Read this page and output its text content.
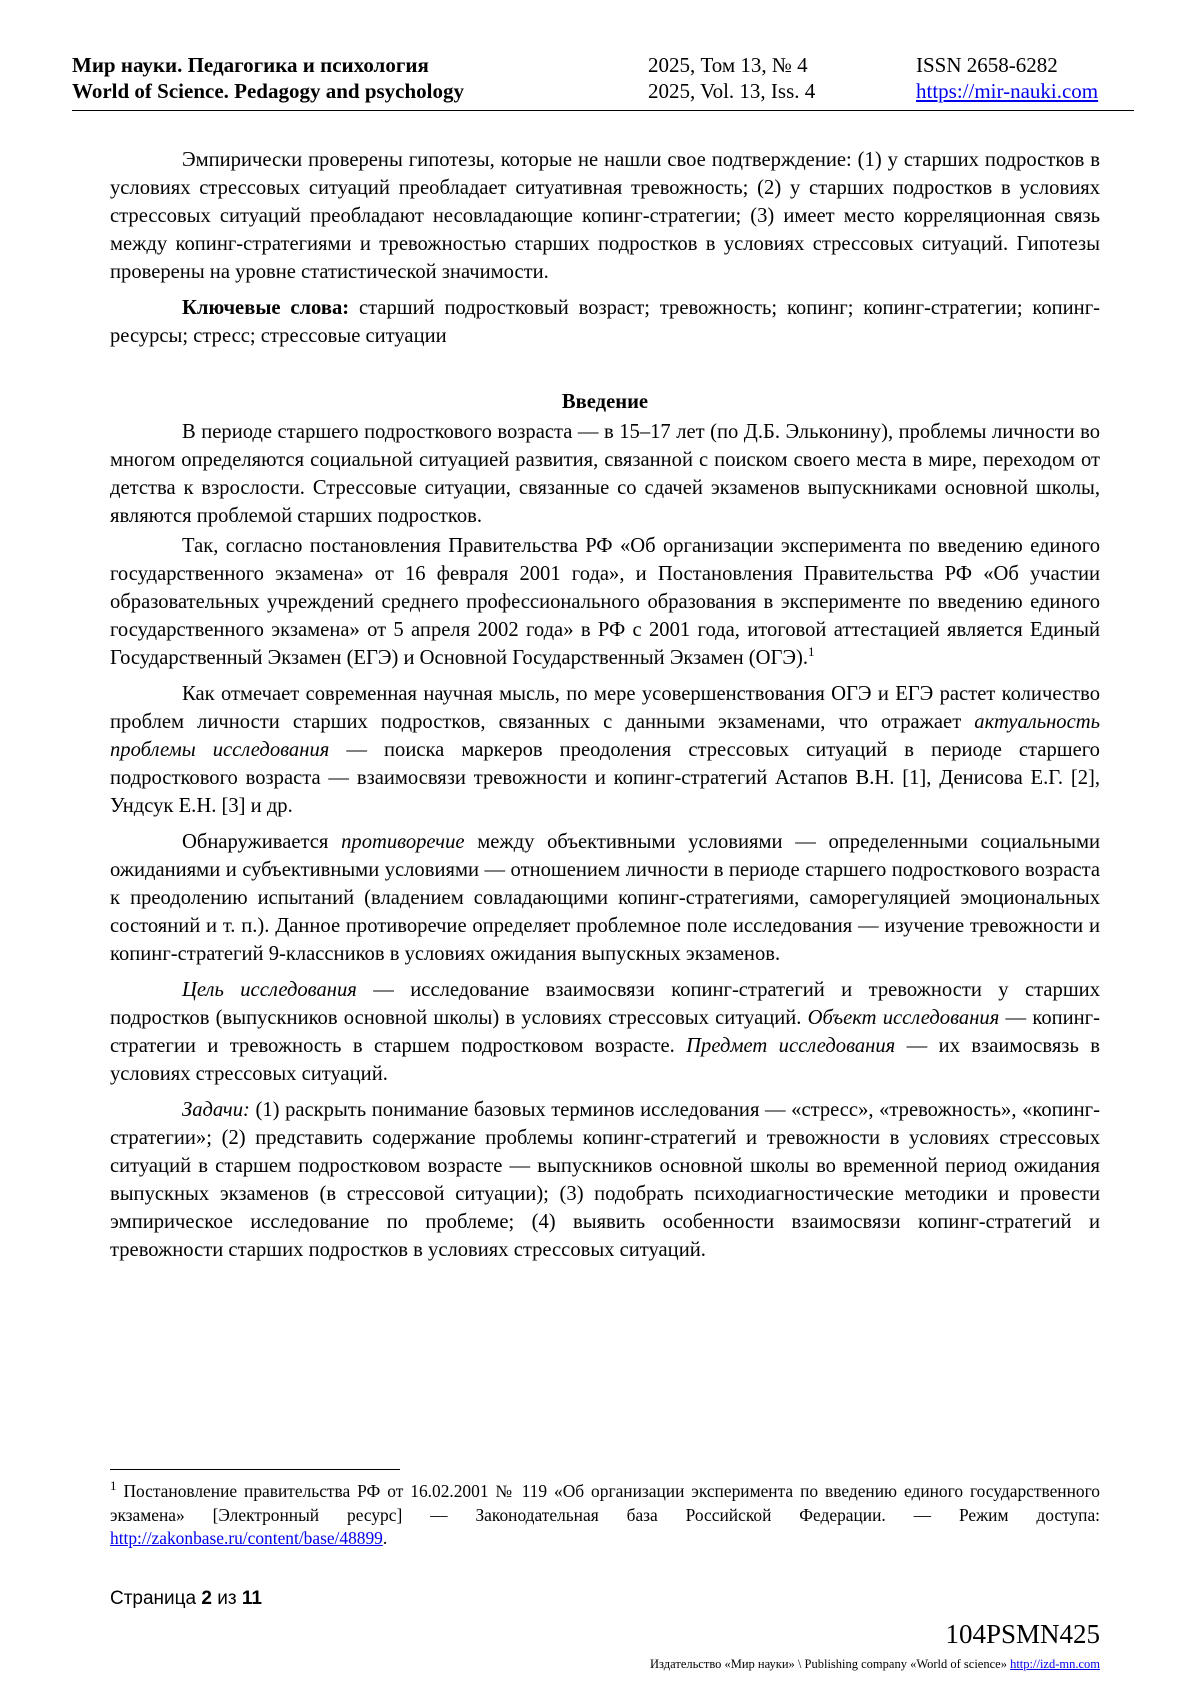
Мир науки. Педагогика и психология
World of Science. Pedagogy and psychology
2025, Том 13, № 4
2025, Vol. 13, Iss. 4
ISSN 2658-6282
https://mir-nauki.com

Эмпирически проверены гипотезы, которые не нашли свое подтверждение: (1) у старших подростков в условиях стрессовых ситуаций преобладает ситуативная тревожность; (2) у старших подростков в условиях стрессовых ситуаций преобладают несовладающие копинг-стратегии; (3) имеет место корреляционная связь между копинг-стратегиями и тревожностью старших подростков в условиях стрессовых ситуаций. Гипотезы проверены на уровне статистической значимости.

Ключевые слова: старший подростковый возраст; тревожность; копинг; копинг-стратегии; копинг-ресурсы; стресс; стрессовые ситуации

Введение

В периоде старшего подросткового возраста — в 15–17 лет (по Д.Б. Эльконину), проблемы личности во многом определяются социальной ситуацией развития, связанной с поиском своего места в мире, переходом от детства к взрослости. Стрессовые ситуации, связанные со сдачей экзаменов выпускниками основной школы, являются проблемой старших подростков.

Так, согласно постановления Правительства РФ «Об организации эксперимента по введению единого государственного экзамена» от 16 февраля 2001 года», и Постановления Правительства РФ «Об участии образовательных учреждений среднего профессионального образования в эксперименте по введению единого государственного экзамена» от 5 апреля 2002 года» в РФ с 2001 года, итоговой аттестацией является Единый Государственный Экзамен (ЕГЭ) и Основной Государственный Экзамен (ОГЭ).$^1$

Как отмечает современная научная мысль, по мере усовершенствования ОГЭ и ЕГЭ растет количество проблем личности старших подростков, связанных с данными экзаменами, что отражает актуальность проблемы исследования — поиска маркеров преодоления стрессовых ситуаций в периоде старшего подросткового возраста — взаимосвязи тревожности и копинг-стратегий Астапов В.Н. [1], Денисова Е.Г. [2], Ундсук Е.Н. [3] и др.

Обнаруживается противоречие между объективными условиями — определенными социальными ожиданиями и субъективными условиями — отношением личности в периоде старшего подросткового возраста к преодолению испытаний (владением совладающими копинг-стратегиями, саморегуляцией эмоциональных состояний и т. п.). Данное противоречие определяет проблемное поле исследования — изучение тревожности и копинг-стратегий 9-классников в условиях ожидания выпускных экзаменов.

Цель исследования — исследование взаимосвязи копинг-стратегий и тревожности у старших подростков (выпускников основной школы) в условиях стрессовых ситуаций. Объект исследования — копинг-стратегии и тревожность в старшем подростковом возрасте. Предмет исследования — их взаимосвязь в условиях стрессовых ситуаций.

Задачи: (1) раскрыть понимание базовых терминов исследования — «стресс», «тревожность», «копинг-стратегии»; (2) представить содержание проблемы копинг-стратегий и тревожности в условиях стрессовых ситуаций в старшем подростковом возрасте — выпускников основной школы во временной период ожидания выпускных экзаменов (в стрессовой ситуации); (3) подобрать психодиагностические методики и провести эмпирическое исследование по проблеме; (4) выявить особенности взаимосвязи копинг-стратегий и тревожности старших подростков в условиях стрессовых ситуаций.

$^1$ Постановление правительства РФ от 16.02.2001 № 119 «Об организации эксперимента по введению единого государственного экзамена» [Электронный ресурс] — Законодательная база Российской Федерации. — Режим доступа: http://zakonbase.ru/content/base/48899.
Страница 2 из 11
104PSMN425
Издательство «Мир науки» \ Publishing company «World of science» http://izd-mn.com
